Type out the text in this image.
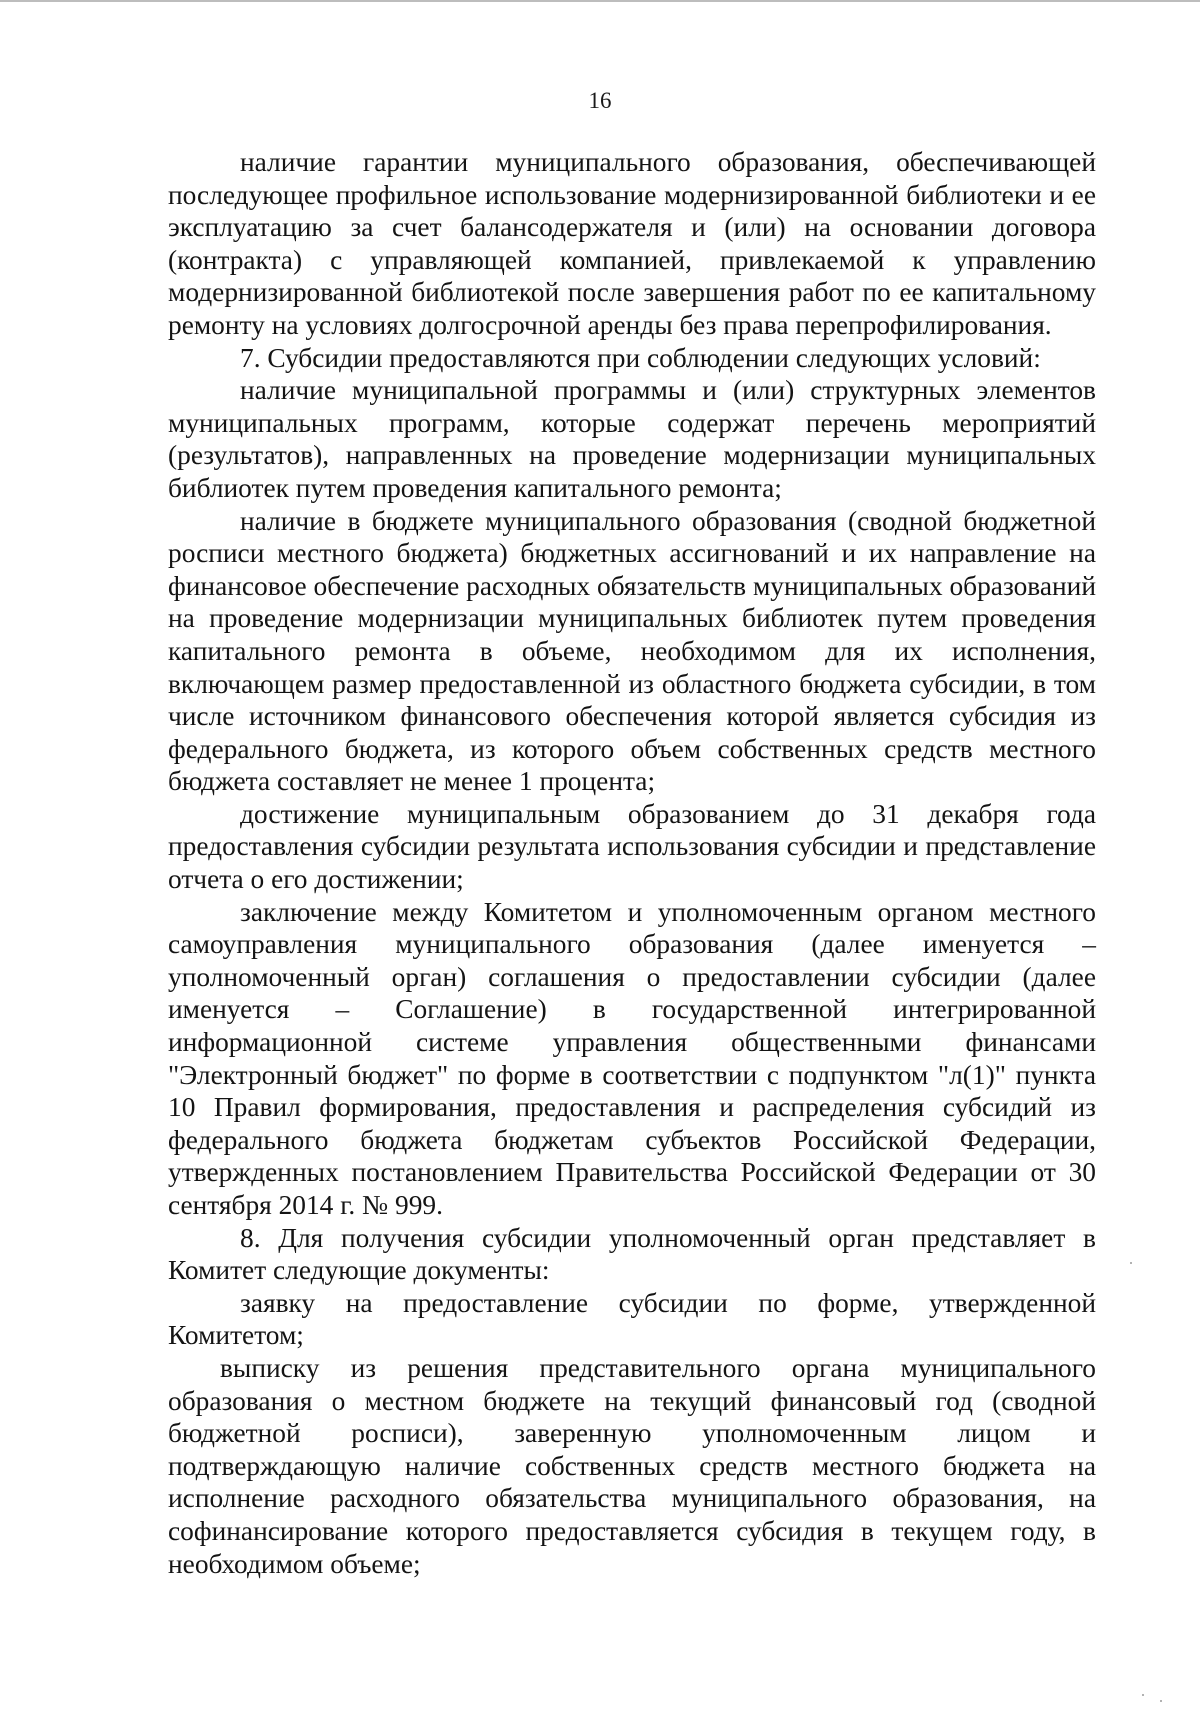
16

наличие гарантии муниципального образования, обеспечивающей последующее профильное использование модернизированной библиотеки и ее эксплуатацию за счет балансодержателя и (или) на основании договора (контракта) с управляющей компанией, привлекаемой к управлению модернизированной библиотекой после завершения работ по ее капитальному ремонту на условиях долгосрочной аренды без права перепрофилирования.

7. Субсидии предоставляются при соблюдении следующих условий:

наличие муниципальной программы и (или) структурных элементов муниципальных программ, которые содержат перечень мероприятий (результатов), направленных на проведение модернизации муниципальных библиотек путем проведения капитального ремонта;

наличие в бюджете муниципального образования (сводной бюджетной росписи местного бюджета) бюджетных ассигнований и их направление на финансовое обеспечение расходных обязательств муниципальных образований на проведение модернизации муниципальных библиотек путем проведения капитального ремонта в объеме, необходимом для их исполнения, включающем размер предоставленной из областного бюджета субсидии, в том числе источником финансового обеспечения которой является субсидия из федерального бюджета, из которого объем собственных средств местного бюджета составляет не менее 1 процента;

достижение муниципальным образованием до 31 декабря года предоставления субсидии результата использования субсидии и представление отчета о его достижении;

заключение между Комитетом и уполномоченным органом местного самоуправления муниципального образования (далее именуется – уполномоченный орган) соглашения о предоставлении субсидии (далее именуется – Соглашение) в государственной интегрированной информационной системе управления общественными финансами "Электронный бюджет" по форме в соответствии с подпунктом "л(1)" пункта 10 Правил формирования, предоставления и распределения субсидий из федерального бюджета бюджетам субъектов Российской Федерации, утвержденных постановлением Правительства Российской Федерации от 30 сентября 2014 г. № 999.

8. Для получения субсидии уполномоченный орган представляет в Комитет следующие документы:

заявку на предоставление субсидии по форме, утвержденной Комитетом;

выписку из решения представительного органа муниципального образования о местном бюджете на текущий финансовый год (сводной бюджетной росписи), заверенную уполномоченным лицом и подтверждающую наличие собственных средств местного бюджета на исполнение расходного обязательства муниципального образования, на софинансирование которого предоставляется субсидия в текущем году, в необходимом объеме;
